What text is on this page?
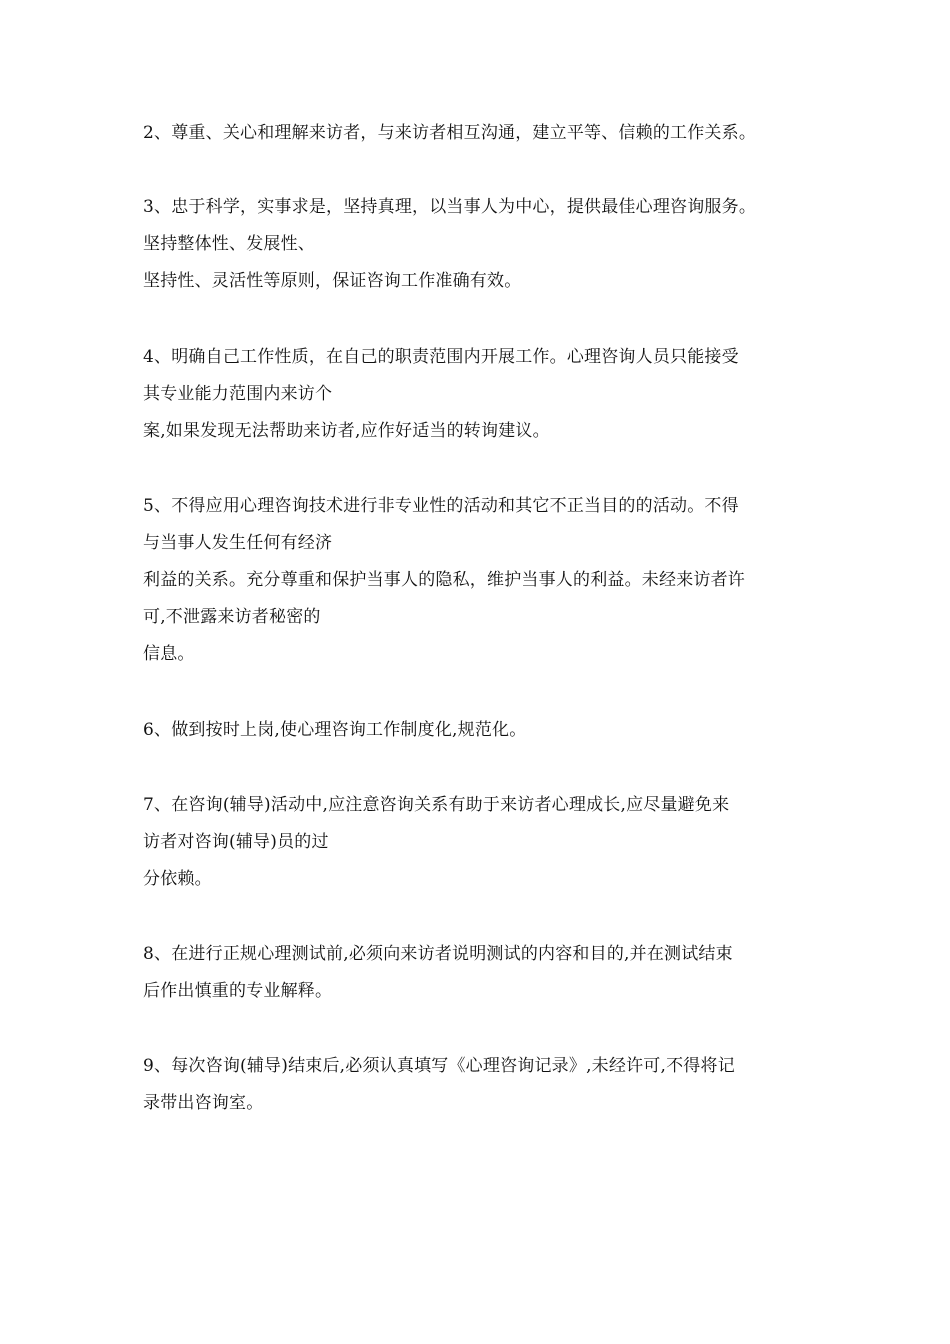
2、尊重、关心和理解来访者，与来访者相互沟通，建立平等、信赖的工作关系。
3、忠于科学，实事求是，坚持真理，以当事人为中心，提供最佳心理咨询服务。
坚持整体性、发展性、
坚持性、灵活性等原则，保证咨询工作准确有效。
4、明确自己工作性质，在自己的职责范围内开展工作。心理咨询人员只能接受
其专业能力范围内来访个
案,如果发现无法帮助来访者,应作好适当的转询建议。
5、不得应用心理咨询技术进行非专业性的活动和其它不正当目的的活动。不得
与当事人发生任何有经济
利益的关系。充分尊重和保护当事人的隐私，维护当事人的利益。未经来访者许
可,不泄露来访者秘密的
信息。
6、做到按时上岗,使心理咨询工作制度化,规范化。
7、在咨询(辅导)活动中,应注意咨询关系有助于来访者心理成长,应尽量避免来
访者对咨询(辅导)员的过
分依赖。
8、在进行正规心理测试前,必须向来访者说明测试的内容和目的,并在测试结束
后作出慎重的专业解释。
9、每次咨询(辅导)结束后,必须认真填写《心理咨询记录》,未经许可,不得将记
录带出咨询室。
